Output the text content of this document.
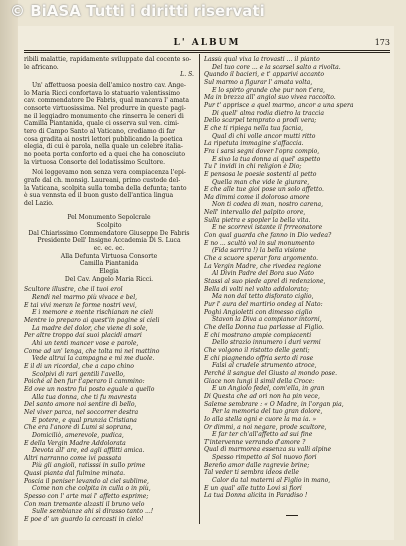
© BiASA Tutti i diritti riservati
L' ALBUM	173

ribili malattie, rapidamente sviluppate dal cocente so-

le africano.

L. S.

Un' affettuosa poesia dell'amico nostro cav. Ange-

lo Maria Ricci confortava lo statuario valentissimo

cav. commendatore De Fabris, qual mancava l' amata

consorte virtuosissima. Nel produrre in queste pagi-

ne il leggiadro monumento che rinserra le ceneri di

Camilla Piantanida, quale ci osserva sul ven. cimi-

tero di Campo Santo al Vaticano, crediamo di far

cosa gradita ai nostri lettori pubblicando la poetica

elegia, di cui è parola, nella quale un celebre italia-

no poeta porta conforto ed a quei che ha conosciuto

la virtuosa Consorte del lodatissimo Scultore.

Noi leggevamo non senza vera compiacenza l'epi-

grafe dal ch. monsig. Laureani, primo custode del-

la Vaticana, scolpita sulla tomba della defunta; tanto

è sua vennsta ed il buon gusto dell'antica lingua

del Lazio.

Pel Monumento Sepolcrale

Scolpito

Dal Chiarissimo Commendatore Giuseppe De Fabris

Presidente Dell' Insigne Accademia Di S. Luca

ec. ec. ec.

Alla Defunta Virtuosa Consorte

Camilla Piantanida

Elegia

Del Cav. Angelo Maria Ricci.

Scultore illustre, che il tuoi erol

Rendi nel marmo più vivace e bel,

E tai vivi meran le forme nostri vevi,

E i memore e mente rischianan ne cieli

Mentre io preparo ai quest'in pagine si cieli

La madre del dolor, che viene di sole,

Per altre troppo dai suoi placidi amari

Ahi un tenti mancer vose e parole,

Come ad un' lenga, che tolta mi nel mattino

Vede altrui la campagna e mi me duole.

E il di un ricordal, che a capo chino

Scolpivi di rari gentili l'avello,

Poiché al ben fur t'aperaro il cammino:

Ed ove un nostro fui posto eguale a quello

Alla tua donna, che ti fu mavresta

Del santo amore noi sentire di bello,

Nel viver parca, nel soccorrer destra

E potere, e qual prunzia Cristiana

Che era l'anore di Lumi si soprana,

Domiciliò, amerevole, pudica,

E della Vergin Madre Addolorata

Devota all' are, ed agli afflitti amica.

Altri narranno come ivi passata

Più gli angioli, ratisssi in sullo prime

Quasi pianta dal fulmine minata.

Poscia il peniser levando al ciel sublime,

Come non che colpita in culla o in più,

Spesso con l' arte mai l' affetto esprime;

Con man tremante alzasti il bruno velo

Sulle sembianze ahi sì dirasso tanto ...!

E poe d' un guardo la cercasti in cielo!

Lassù qual vixa la trovasti ... il pianto

Del tuo core ... e la scarsel salto a rivolta.

Quando il bacieri, e t' apparivi accanto

Sul marmo a figurar l' amata volta,

E lo spirto grande che pur non t'era,

Ma in brezza all' angiol suo vivea raccolto.

Pur t' apprisce a quel marmo, ancor a una spera

Di quell' alma rodia dietro la traccia

Dello scarpel temprato a prodi vera;

E che ti ripiega nella tua facnia,

Qual di chi volle ancor mutti ritto

La ripetuta immagine s'affaccia.

Fra i sarsi segni dover l'opra compio,

E sixo la tua donna ai quel' aspetto

Tu l' invidi in chi religion è Dio;

E pensosa le poesie sostenti al petto

Quella man che vide le giurare,

E che alle tue gioi pose un solo affetto.

Ma dimmi come il doloroso amore

Non ti codea di man, nostro carena,

Nell' intervallo del palpito orore,

Sulla pietra e spopler la bella vita.

E ne scorrevi istante il frrreonatore

Con qual guarda che fanno in Dio vedea?

E no ... scultò vol in sul monumento

(Fida sarrira !) la bella visione

Che a scuore sperar fora argomento.

La Vergin Madre, che rivedea regione

Al Divin Padre del Bora suo Nato

Stassi al suo piede aprel di redenzione,

Bella di volti nel volto addolorato;

Ma non dal tetto disforato ciglio,

Pur l' aura del martirio ondeg al Nato:

Poghi Angioletti con dimesso ciglio

Stavon la Diva a compianor intorni,

Che della Donna tua parlasse al Figlio.

E chi mostrano ampie compiacenti

Dello strazio innumero i duri vermi

Che volgono il ristotto delle genti;

E chi piagnendo offria serto di rose

Falsi al crudele strumento atroce,

Perché il sangue del Giusto al mondo pose.

Giace non lungi il simil della Croce:

E un Angiolo fedel, com'ella, in gran

Di Questa che ad ori non ha pin vece,

Saleme sembrare : « O Madre, in l'organ pia,

Per la memoria del tuo gran dolore,

Io alla stella ogni e cuore la ma ia. »

Or dimmi, a noi negare, prode scultore,

E far ter ch'all'affetto ad sui fine

T'intervenne verrando d'amore ?

Qual di marmorea essenza su valli alpine

Spesso rimpetto al Sol nuovo fiori

Bereño amor dalle ragrevie brine;

Tal veder ti sembra ideos delle

Calor da tal materni al Figlio in mano,

E un qual' alle tutto Lovi si fiori

La tua Donna alicita in Paradiso !
